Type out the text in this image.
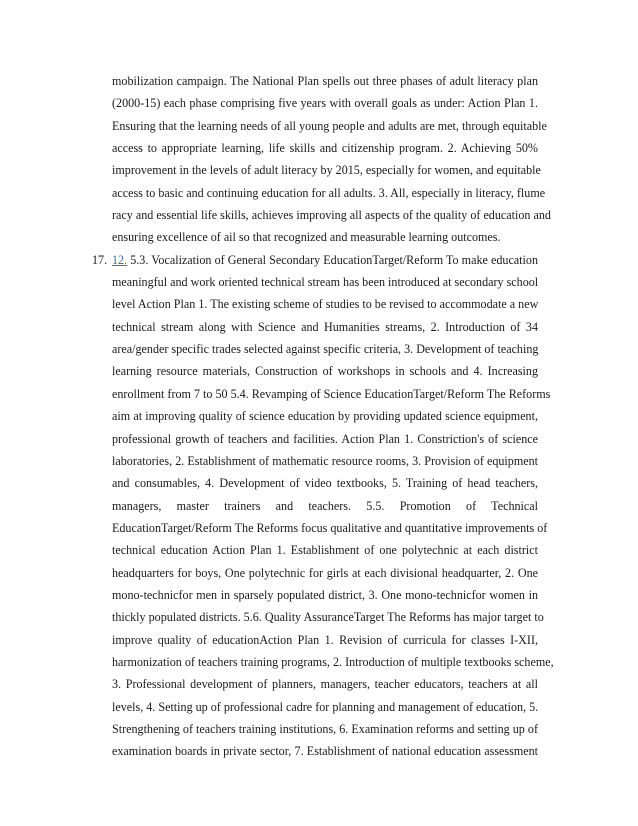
17.
mobilization campaign. The National Plan spells out three phases of adult literacy plan
(2000-15) each phase comprising five years with overall goals as under: Action Plan 1.
Ensuring that the learning needs of all young people and adults are met, through equitable
access to appropriate learning, life skills and citizenship program. 2. Achieving 50%
improvement in the levels of adult literacy by 2015, especially for women, and equitable
access to basic and continuing education for all adults. 3. All, especially in literacy, flume
racy and essential life skills, achieves improving all aspects of the quality of education and
ensuring excellence of ail so that recognized and measurable learning outcomes.
12. 5.3. Vocalization of General Secondary EducationTarget/Reform To make education
meaningful and work oriented technical stream has been introduced at secondary school
level Action Plan 1. The existing scheme of studies to be revised to accommodate a new
technical stream along with Science and Humanities streams, 2. Introduction of 34
area/gender specific trades selected against specific criteria, 3. Development of teaching
learning resource materials, Construction of workshops in schools and 4. Increasing
enrollment from 7 to 50 5.4. Revamping of Science EducationTarget/Reform The Reforms
aim at improving quality of science education by providing updated science equipment,
professional growth of teachers and facilities. Action Plan 1. Constriction's of science
laboratories, 2. Establishment of mathematic resource rooms, 3. Provision of equipment
and consumables, 4. Development of video textbooks, 5. Training of head teachers,
managers, master trainers and teachers. 5.5. Promotion of Technical
EducationTarget/Reform The Reforms focus qualitative and quantitative improvements of
technical education Action Plan 1. Establishment of one polytechnic at each district
headquarters for boys, One polytechnic for girls at each divisional headquarter, 2. One
mono-technicfor men in sparsely populated district, 3. One mono-technicfor women in
thickly populated districts. 5.6. Quality AssuranceTarget The Reforms has major target to
improve quality of educationAction Plan 1. Revision of curricula for classes I-XII,
harmonization of teachers training programs, 2. Introduction of multiple textbooks scheme,
3. Professional development of planners, managers, teacher educators, teachers at all
levels, 4. Setting up of professional cadre for planning and management of education, 5.
Strengthening of teachers training institutions, 6. Examination reforms and setting up of
examination boards in private sector, 7. Establishment of national education assessment
